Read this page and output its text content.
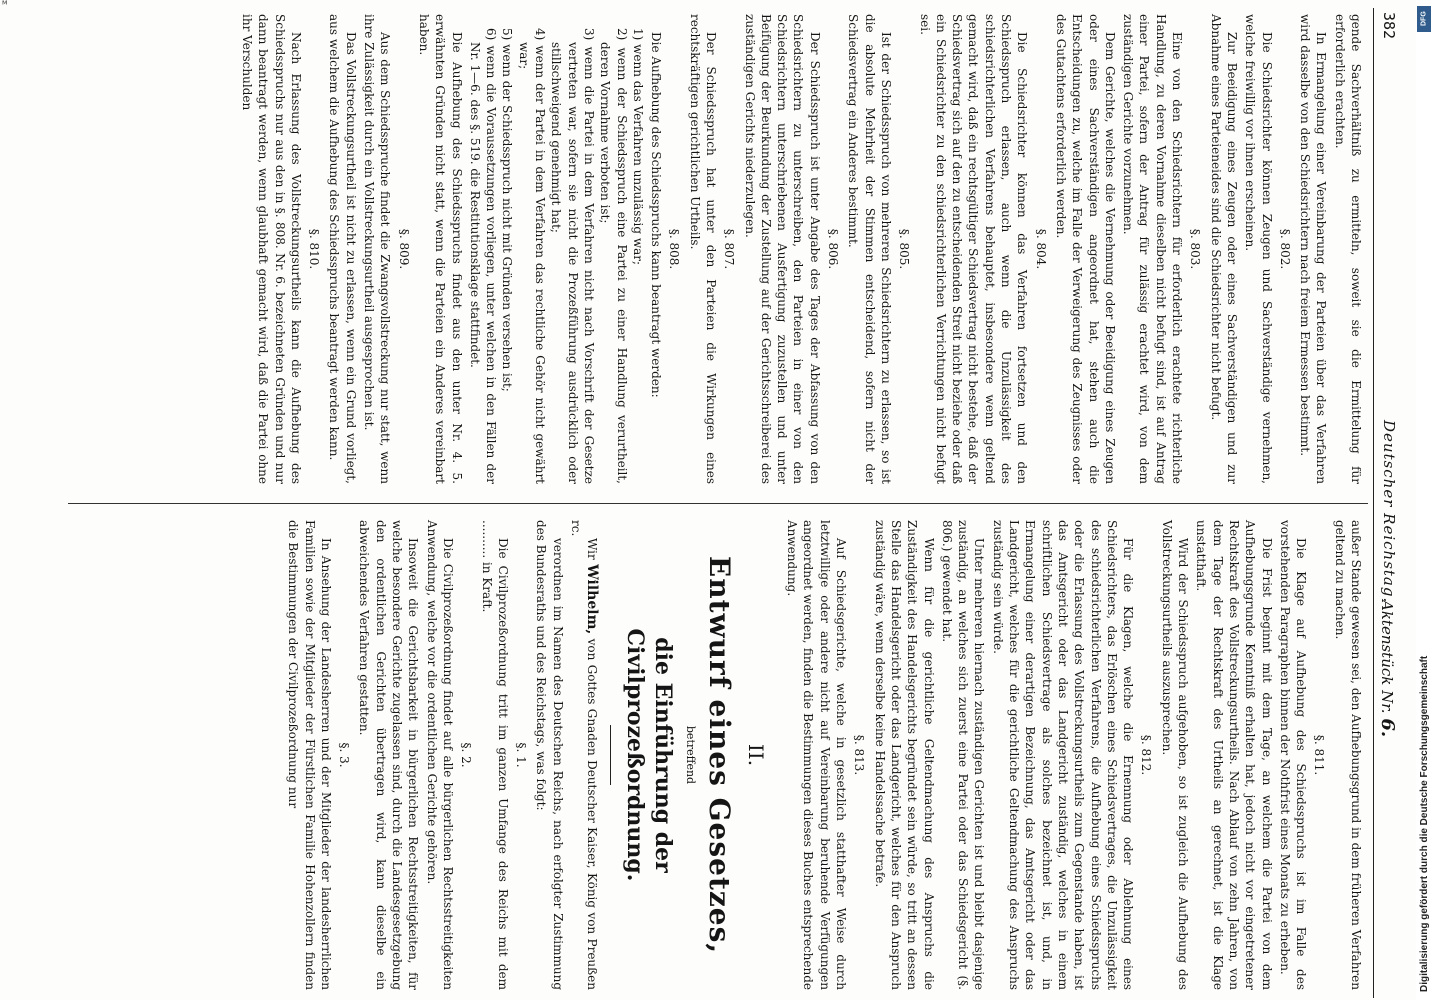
ᴹ
382
Deutscher Reichstag.
Aktenstück Nr. 6.

gende Sachverhältniß zu ermitteln, soweit sie die Ermittelung für erforderlich erachten.

In Ermangelung einer Vereinbarung der Parteien über das Verfahren wird dasselbe von den Schiedsrichtern nach freiem Ermessen bestimmt.

§. 802.

Die Schiedsrichter können Zeugen und Sachverständige vernehmen, welche freiwillig vor ihnen erscheinen.

Zur Beeidigung eines Zeugen oder eines Sachverständigen und zur Abnahme eines Parteieneides sind die Schiedsrichter nicht befugt.

§. 803.

Eine von den Schiedsrichtern für erforderlich erachtete richterliche Handlung, zu deren Vornahme dieselben nicht befugt sind, ist auf Antrag einer Partei, sofern der Antrag für zulässig erachtet wird, von dem zuständigen Gerichte vorzunehmen.

Dem Gerichte, welches die Vernehmung oder Beeidigung eines Zeugen oder eines Sachverständigen angeordnet hat, stehen auch die Entscheidungen zu, welche im Falle der Verweigerung des Zeugnisses oder des Gutachtens erforderlich werden.

§. 804.

Die Schiedsrichter können das Verfahren fortsetzen und den Schiedsspruch erlassen, auch wenn die Unzulässigkeit des schiedsrichterlichen Verfahrens behauptet, insbesondere wenn geltend gemacht wird, daß ein rechtsgültiger Schiedsvertrag nicht bestehe, daß der Schiedsvertrag sich auf den zu entscheidenden Streit nicht beziehe oder daß ein Schiedsrichter zu den schiedsrichterlichen Verrichtungen nicht befugt sei.

§. 805.

Ist der Schiedsspruch von mehreren Schiedsrichtern zu erlassen, so ist die absolute Mehrheit der Stimmen entscheidend, sofern nicht der Schiedsvertrag ein Anderes bestimmt.

§. 806.

Der Schiedsspruch ist unter Angabe des Tages der Abfassung von den Schiedsrichtern zu unterschreiben, den Parteien in einer von den Schiedsrichtern unterschriebenen Ausfertigung zuzustellen und unter Beifügung der Beurkundung der Zustellung auf der Gerichtsschreiberei des zuständigen Gerichts niederzulegen.

§. 807.

Der Schiedsspruch hat unter den Parteien die Wirkungen eines rechtskräftigen gerichtlichen Urtheils.

§. 808.

Die Aufhebung des Schiedsspruchs kann beantragt werden:

1) wenn das Verfahren unzulässig war;
2) wenn der Schiedsspruch eine Partei zu einer Handlung verurtheilt, deren Vornahme verboten ist;
3) wenn die Partei in dem Verfahren nicht nach Vorschrift der Gesetze vertreten war, sofern sie nicht die Prozeßführung ausdrücklich oder stillschweigend genehmigt hat;
4) wenn der Partei in dem Verfahren das rechtliche Gehör nicht gewährt war;
5) wenn der Schiedsspruch nicht mit Gründen versehen ist;
6) wenn die Voraussetzungen vorliegen, unter welchen in den Fällen der Nr. 1—6. des §. 519. die Restitutionsklage stattfindet.

Die Aufhebung des Schiedsspruchs findet aus den unter Nr. 4. 5. erwähnten Gründen nicht statt, wenn die Parteien ein Anderes vereinbart haben.

§. 809.

Aus dem Schiedsspruche findet die Zwangsvollstreckung nur statt, wenn ihre Zulässigkeit durch ein Vollstreckungsurtheil ausgesprochen ist.

Das Vollstreckungsurtheil ist nicht zu erlassen, wenn ein Grund vorliegt, aus welchem die Aufhebung des Schiedsspruchs beantragt werden kann.

§. 810.

Nach Erlassung des Vollstreckungsurtheils kann die Aufhebung des Schiedsspruchs nur aus den in §. 808. Nr. 6. bezeichneten Gründen und nur dann beantragt werden, wenn glaubhaft gemacht wird, daß die Partei ohne ihr Verschulden

außer Stande gewesen sei, den Aufhebungsgrund in dem früheren Verfahren geltend zu machen.

§. 811.

Die Klage auf Aufhebung des Schiedsspruchs ist im Falle des vorstehenden Paragraphen binnen der Nothfrist eines Monats zu erheben.

Die Frist beginnt mit dem Tage, an welchem die Partei von dem Aufhebungsgrunde Kenntniß erhalten hat, jedoch nicht vor eingetretener Rechtskraft des Vollstreckungsurtheils. Nach Ablauf von zehn Jahren, von dem Tage der Rechtskraft des Urtheils an gerechnet, ist die Klage unstatthaft.

Wird der Schiedsspruch aufgehoben, so ist zugleich die Aufhebung des Vollstreckungsurtheils auszusprechen.

§. 812.

Für die Klagen, welche die Ernennung oder Ablehnung eines Schiedsrichters, das Erlöschen eines Schiedsvertrages, die Unzulässigkeit des schiedsrichterlichen Verfahrens, die Aufhebung eines Schiedsspruchs oder die Erlassung des Vollstreckungsurtheils zum Gegenstande haben, ist das Amtsgericht oder das Landgericht zuständig, welches in einem schriftlichen Schiedsvertrage als solches bezeichnet ist, und, in Ermangelung einer derartigen Bezeichnung, das Amtsgericht oder das Landgericht, welches für die gerichtliche Geltendmachung des Anspruchs zuständig sein würde.

Unter mehreren hiernach zuständigen Gerichten ist und bleibt dasjenige zuständig, an welches sich zuerst eine Partei oder das Schiedsgericht (§. 806.) gewendet hat.

Wenn für die gerichtliche Geltendmachung des Anspruchs die Zuständigkeit des Handelsgerichts begründet sein würde, so tritt an dessen Stelle das Handelsgericht oder das Landgericht, welches für den Anspruch zuständig wäre, wenn derselbe keine Handelssache betrafe.

§. 813.

Auf Schiedsgerichte, welche in gesetzlich statthafter Weise durch letztwillige oder andere nicht auf Vereinbarung beruhende Verfügungen angeordnet werden, finden die Bestimmungen dieses Buches entsprechende Anwendung.

II.
Entwurf eines Gesetzes,
betreffend
die Einführung der Civilprozeßordnung.

Wir Wilhelm, von Gottes Gnaden Deutscher Kaiser, König von Preußen rc.

verordnen im Namen des Deutschen Reichs, nach erfolgter Zustimmung des Bundesraths und des Reichstags, was folgt:

§. 1.

Die Civilprozeßordnung tritt im ganzen Umfange des Reichs mit dem .......... in Kraft.

§. 2.

Die Civilprozeßordnung findet auf alle bürgerlichen Rechtsstreitigkeiten Anwendung, welche vor die ordentlichen Gerichte gehören.

Insoweit die Gerichtsbarkeit in bürgerlichen Rechtsstreitigkeiten, für welche besondere Gerichte zugelassen sind, durch die Landesgesetzgebung den ordentlichen Gerichten übertragen wird, kann dieselbe ein abweichendes Verfahren gestatten.

§. 3.

In Ansehung der Landesherren und der Mitglieder der landesherrlichen Familien sowie der Mitglieder der Fürstlichen Familie Hohenzollern finden die Bestimmungen der Civilprozeßordnung nur

DFG
Digitalisierung gefördert durch die Deutsche Forschungsgemeinschaft
